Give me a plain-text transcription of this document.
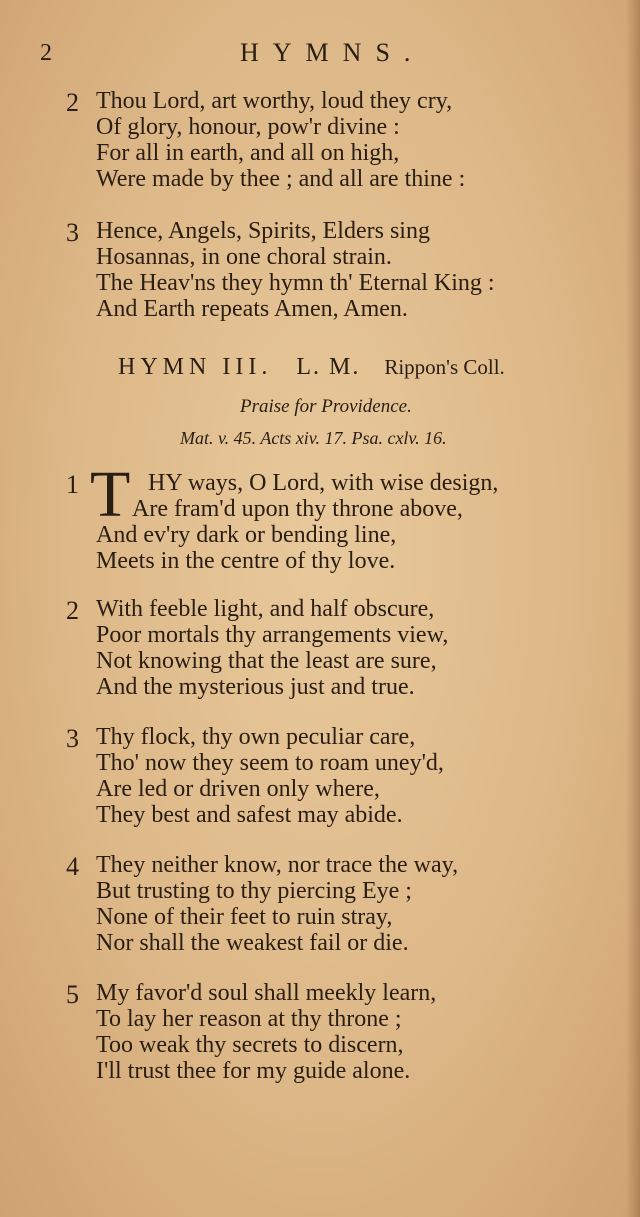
2	HYMNS.
2 Thou Lord, art worthy, loud they cry,
Of glory, honour, pow'r divine :
For all in earth, and all on high,
Were made by thee ; and all are thine :
3 Hence, Angels, Spirits, Elders sing
Hosannas, in one choral strain.
The Heav'ns they hymn th' Eternal King :
And Earth repeats Amen, Amen.
HYMN III. L. M. Rippon's Coll.
Praise for Providence.
Mat. v. 45. Acts xiv. 17. Psa. cxlv. 16.
1 T HY ways, O Lord, with wise design,
Are fram'd upon thy throne above,
And ev'ry dark or bending line,
Meets in the centre of thy love.
2 With feeble light, and half obscure,
Poor mortals thy arrangements view,
Not knowing that the least are sure,
And the mysterious just and true.
3 Thy flock, thy own peculiar care,
Tho' now they seem to roam uney'd,
Are led or driven only where,
They best and safest may abide.
4 They neither know, nor trace the way,
But trusting to thy piercing Eye ;
None of their feet to ruin stray,
Nor shall the weakest fail or die.
5 My favor'd soul shall meekly learn,
To lay her reason at thy throne ;
Too weak thy secrets to discern,
I'll trust thee for my guide alone.
